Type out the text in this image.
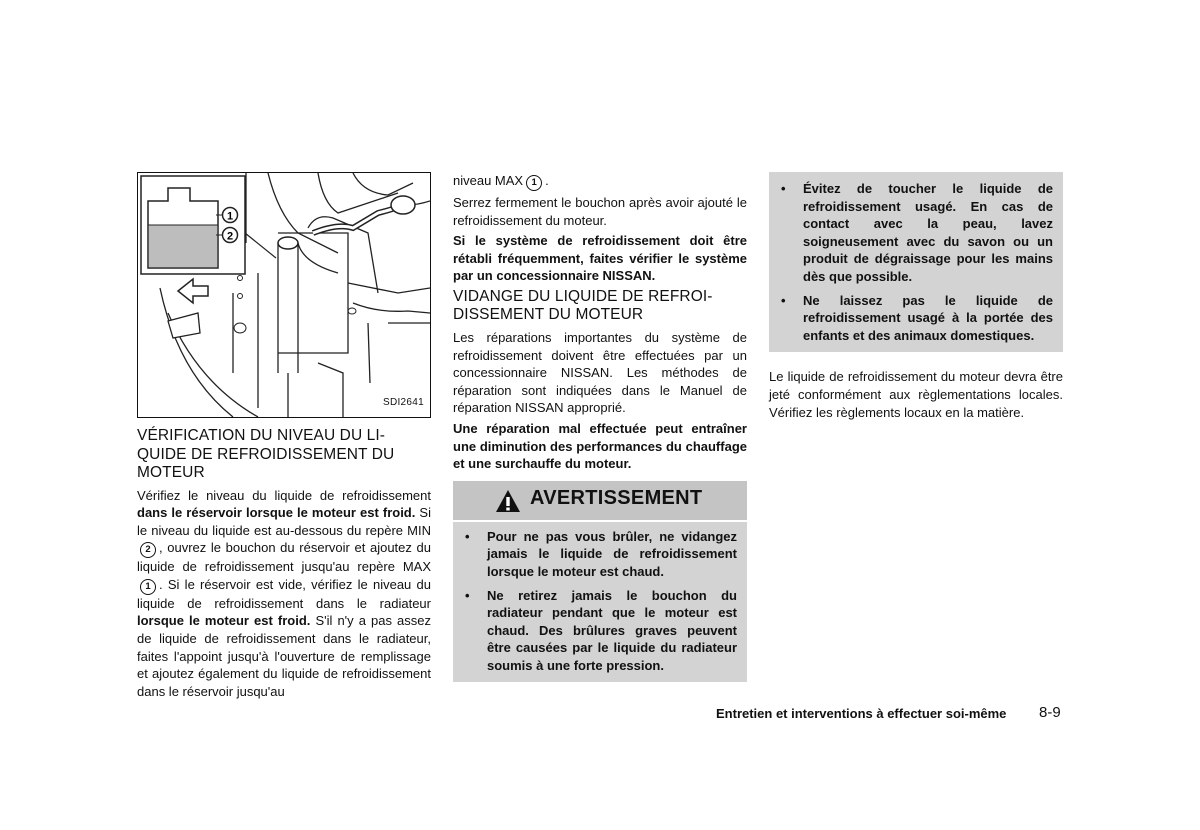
1
2
SDI2641
VÉRIFICATION DU NIVEAU DU LI-QUIDE DE REFROIDISSEMENT DU MOTEUR

Vérifiez le niveau du liquide de refroidissement dans le réservoir lorsque le moteur est froid. Si le niveau du liquide est au-dessous du repère MIN2 , ouvrez le bouchon du réservoir et ajoutez du liquide de refroidissement jusqu'au repère MAX1 . Si le réservoir est vide, vérifiez le niveau du liquide de refroidissement dans le radiateur lorsque le moteur est froid. S'il n'y a pas assez de liquide de refroidissement dans le radiateur, faites l'appoint jusqu'à l'ouverture de remplissage et ajoutez également du liquide de refroidissement dans le réservoir jusqu'au

niveau MAX 1 .

Serrez fermement le bouchon après avoir ajouté le refroidissement du moteur.

Si le système de refroidissement doit être rétabli fréquemment, faites vérifier le système par un concessionnaire NISSAN.

VIDANGE DU LIQUIDE DE REFROI-DISSEMENT DU MOTEUR

Les réparations importantes du système de refroidissement doivent être effectuées par un concessionnaire NISSAN. Les méthodes de réparation sont indiquées dans le Manuel de réparation NISSAN approprié.

Une réparation mal effectuée peut entraîner une diminution des performances du chauffage et une surchauffe du moteur.

AVERTISSEMENT
•	Pour ne pas vous brûler, ne vidangez jamais le liquide de refroidissement lorsque le moteur est chaud.
•	Ne retirez jamais le bouchon du radiateur pendant que le moteur est chaud. Des brûlures graves peuvent être causées par le liquide du radiateur soumis à une forte pression.
•	Évitez de toucher le liquide de refroidissement usagé. En cas de contact avec la peau, lavez soigneusement avec du savon ou un produit de dégraissage pour les mains dès que possible.
•	Ne laissez pas le liquide de refroidissement usagé à la portée des enfants et des animaux domestiques.

Le liquide de refroidissement du moteur devra être jeté conformément aux règlementations locales. Vérifiez les règlements locaux en la matière.

Entretien et interventions à effectuer soi-même 8-9
